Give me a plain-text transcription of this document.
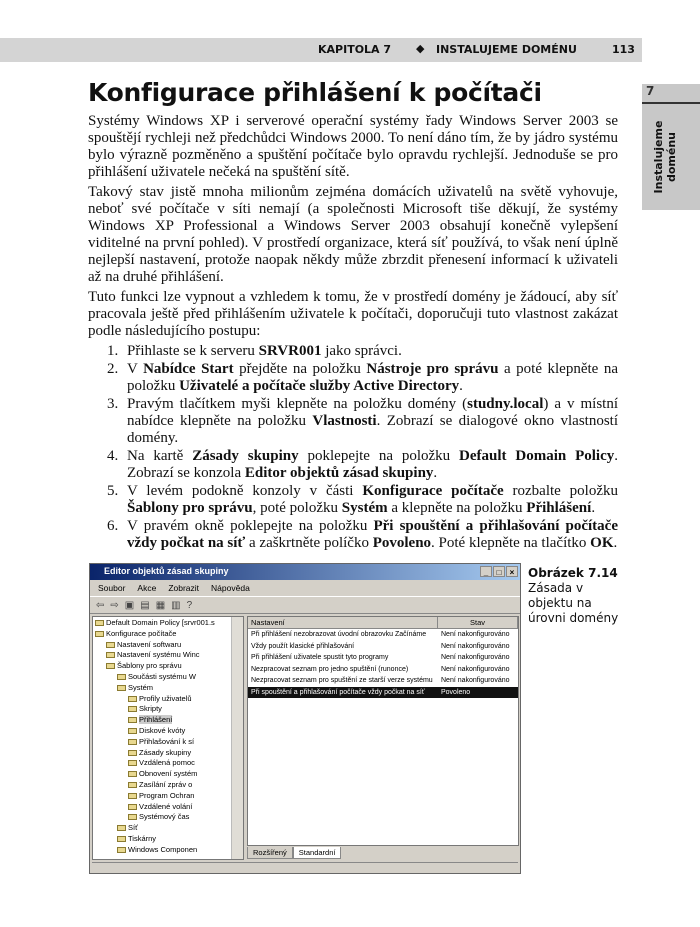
KAPITOLA 7 ◆ INSTALUJEME DOMÉNU	113
7
Instalujeme doménu
Konfigurace přihlášení k počítači

Systémy Windows XP i serverové operační systémy řady Windows Server 2003 se spouštějí rychleji než předchůdci Windows 2000. To není dáno tím, že by jádro systému bylo výrazně pozměněno a spuštění počítače bylo opravdu rychlejší. Jednoduše se pro přihlášení uživatele nečeká na spuštění sítě.

Takový stav jistě mnoha milionům zejména domácích uživatelů na světě vyhovuje, neboť své počítače v síti nemají (a společnosti Microsoft tiše děkují, že systémy Windows XP Professional a Windows Server 2003 obsahují konečně vylepšení viditelné na první pohled). V prostředí organizace, která síť používá, to však není úplně nejlepší nastavení, protože naopak někdy může zbrzdit přenesení informací k uživateli až na druhé přihlášení.

Tuto funkci lze vypnout a vzhledem k tomu, že v prostředí domény je žádoucí, aby síť pracovala ještě před přihlášením uživatele k počítači, doporučuji tuto vlastnost zakázat podle následujícího postupu:

1. Přihlaste se k serveru SRVR001 jako správci.
2. V Nabídce Start přejděte na položku Nástroje pro správu a poté klepněte na položku Uživatelé a počítače služby Active Directory.
3. Pravým tlačítkem myši klepněte na položku domény (studny.local) a v místní nabídce klepněte na položku Vlastnosti. Zobrazí se dialogové okno vlastností domény.
4. Na kartě Zásady skupiny poklepejte na položku Default Domain Policy. Zobrazí se konzola Editor objektů zásad skupiny.
5. V levém podokně konzoly v části Konfigurace počítače rozbalte položku Šablony pro správu, poté položku Systém a klepněte na položku Přihlášení.
6. V pravém okně poklepejte na položku Při spouštění a přihlašování počítače vždy počkat na síť a zaškrtněte políčko Povoleno. Poté klepněte na tlačítko OK.
Editor objektů zásad skupiny	_	□	×
Soubor Akce Zobrazit Nápověda
⇦ ⇨ ▣ ▤ ▦ ▥ ?
Default Domain Policy [srvr001.s
Konfigurace počítače
Nastavení softwaru
Nastavení systému Winc
Šablony pro správu
Součásti systému W
Systém
Profily uživatelů
Skripty
Přihlášení
Diskové kvóty
Přihlašování k sí
Zásady skupiny
Vzdálená pomoc
Obnovení systém
Zasílání zpráv o
Program Ochran
Vzdálené volání
Systémový čas
Síť
Tiskárny
Windows Componen
Nastavení	Stav
Při přihlášení nezobrazovat úvodní obrazovku Začínáme	Není nakonfigurováno
Vždy použít klasické přihlašování	Není nakonfigurováno
Při přihlášení uživatele spustit tyto programy	Není nakonfigurováno
Nezpracovat seznam pro jedno spuštění (runonce)	Není nakonfigurováno
Nezpracovat seznam pro spuštění ze starší verze systému	Není nakonfigurováno
Při spouštění a přihlašování počítače vždy počkat na síť	Povoleno
Rozšířený	Standardní
Obrázek 7.14
Zásada v objektu na úrovni domény
